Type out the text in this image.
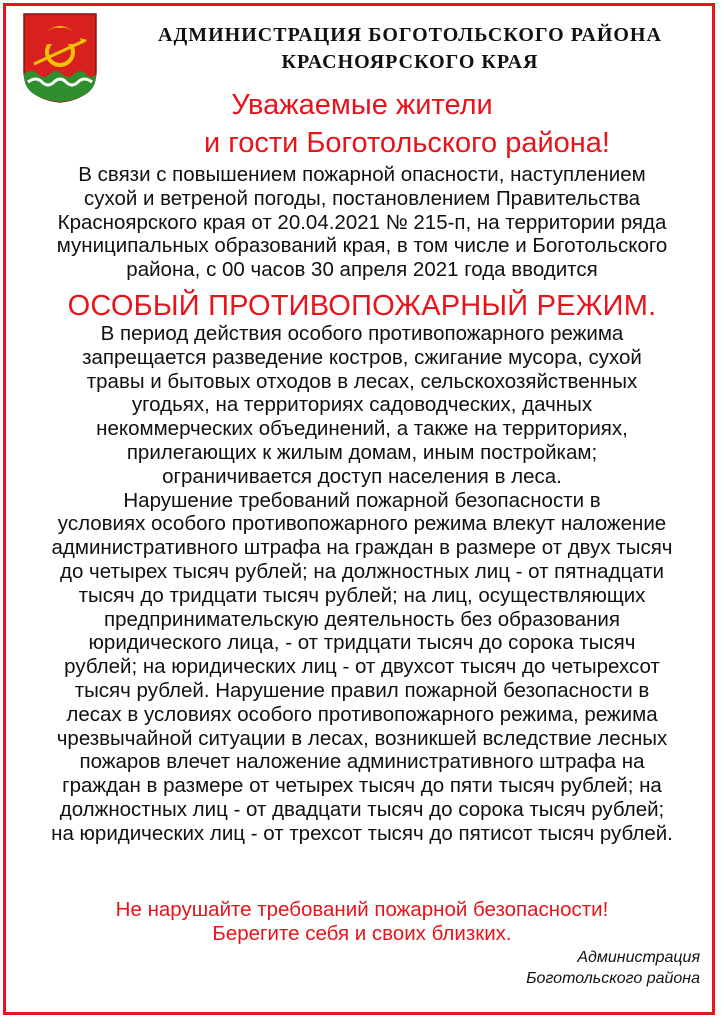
АДМИНИСТРАЦИЯ БОГОТОЛЬСКОГО РАЙОНА
КРАСНОЯРСКОГО КРАЯ
Уважаемые жители
и гости Боготольского района!
В связи с повышением пожарной опасности, наступлением
сухой и ветреной погоды, постановлением Правительства
Красноярского края от 20.04.2021 № 215-п, на территории ряда
муниципальных образований края, в том числе и Боготольского
района, с 00 часов 30 апреля 2021 года вводится
ОСОБЫЙ ПРОТИВОПОЖАРНЫЙ РЕЖИМ.
В период действия особого противопожарного режима
запрещается разведение костров, сжигание мусора, сухой
травы и бытовых отходов в лесах, сельскохозяйственных
угодьях, на территориях садоводческих, дачных
некоммерческих объединений, а также на территориях,
прилегающих к жилым домам, иным постройкам;
ограничивается доступ населения в леса.
Нарушение требований пожарной безопасности в
условиях особого противопожарного режима влекут наложение
административного штрафа на граждан в размере от двух тысяч
до четырех тысяч рублей; на должностных лиц - от пятнадцати
тысяч до тридцати тысяч рублей; на лиц, осуществляющих
предпринимательскую деятельность без образования
юридического лица, - от тридцати тысяч до сорока тысяч
рублей; на юридических лиц - от двухсот тысяч до четырехсот
тысяч рублей. Нарушение правил пожарной безопасности в
лесах в условиях особого противопожарного режима, режима
чрезвычайной ситуации в лесах, возникшей вследствие лесных
пожаров влечет наложение административного штрафа на
граждан в размере от четырех тысяч до пяти тысяч рублей; на
должностных лиц - от двадцати тысяч до сорока тысяч рублей;
на юридических лиц - от трехсот тысяч до пятисот тысяч рублей.
Не нарушайте требований пожарной безопасности!
Берегите себя и своих близких.
Администрация
Боготольского района
